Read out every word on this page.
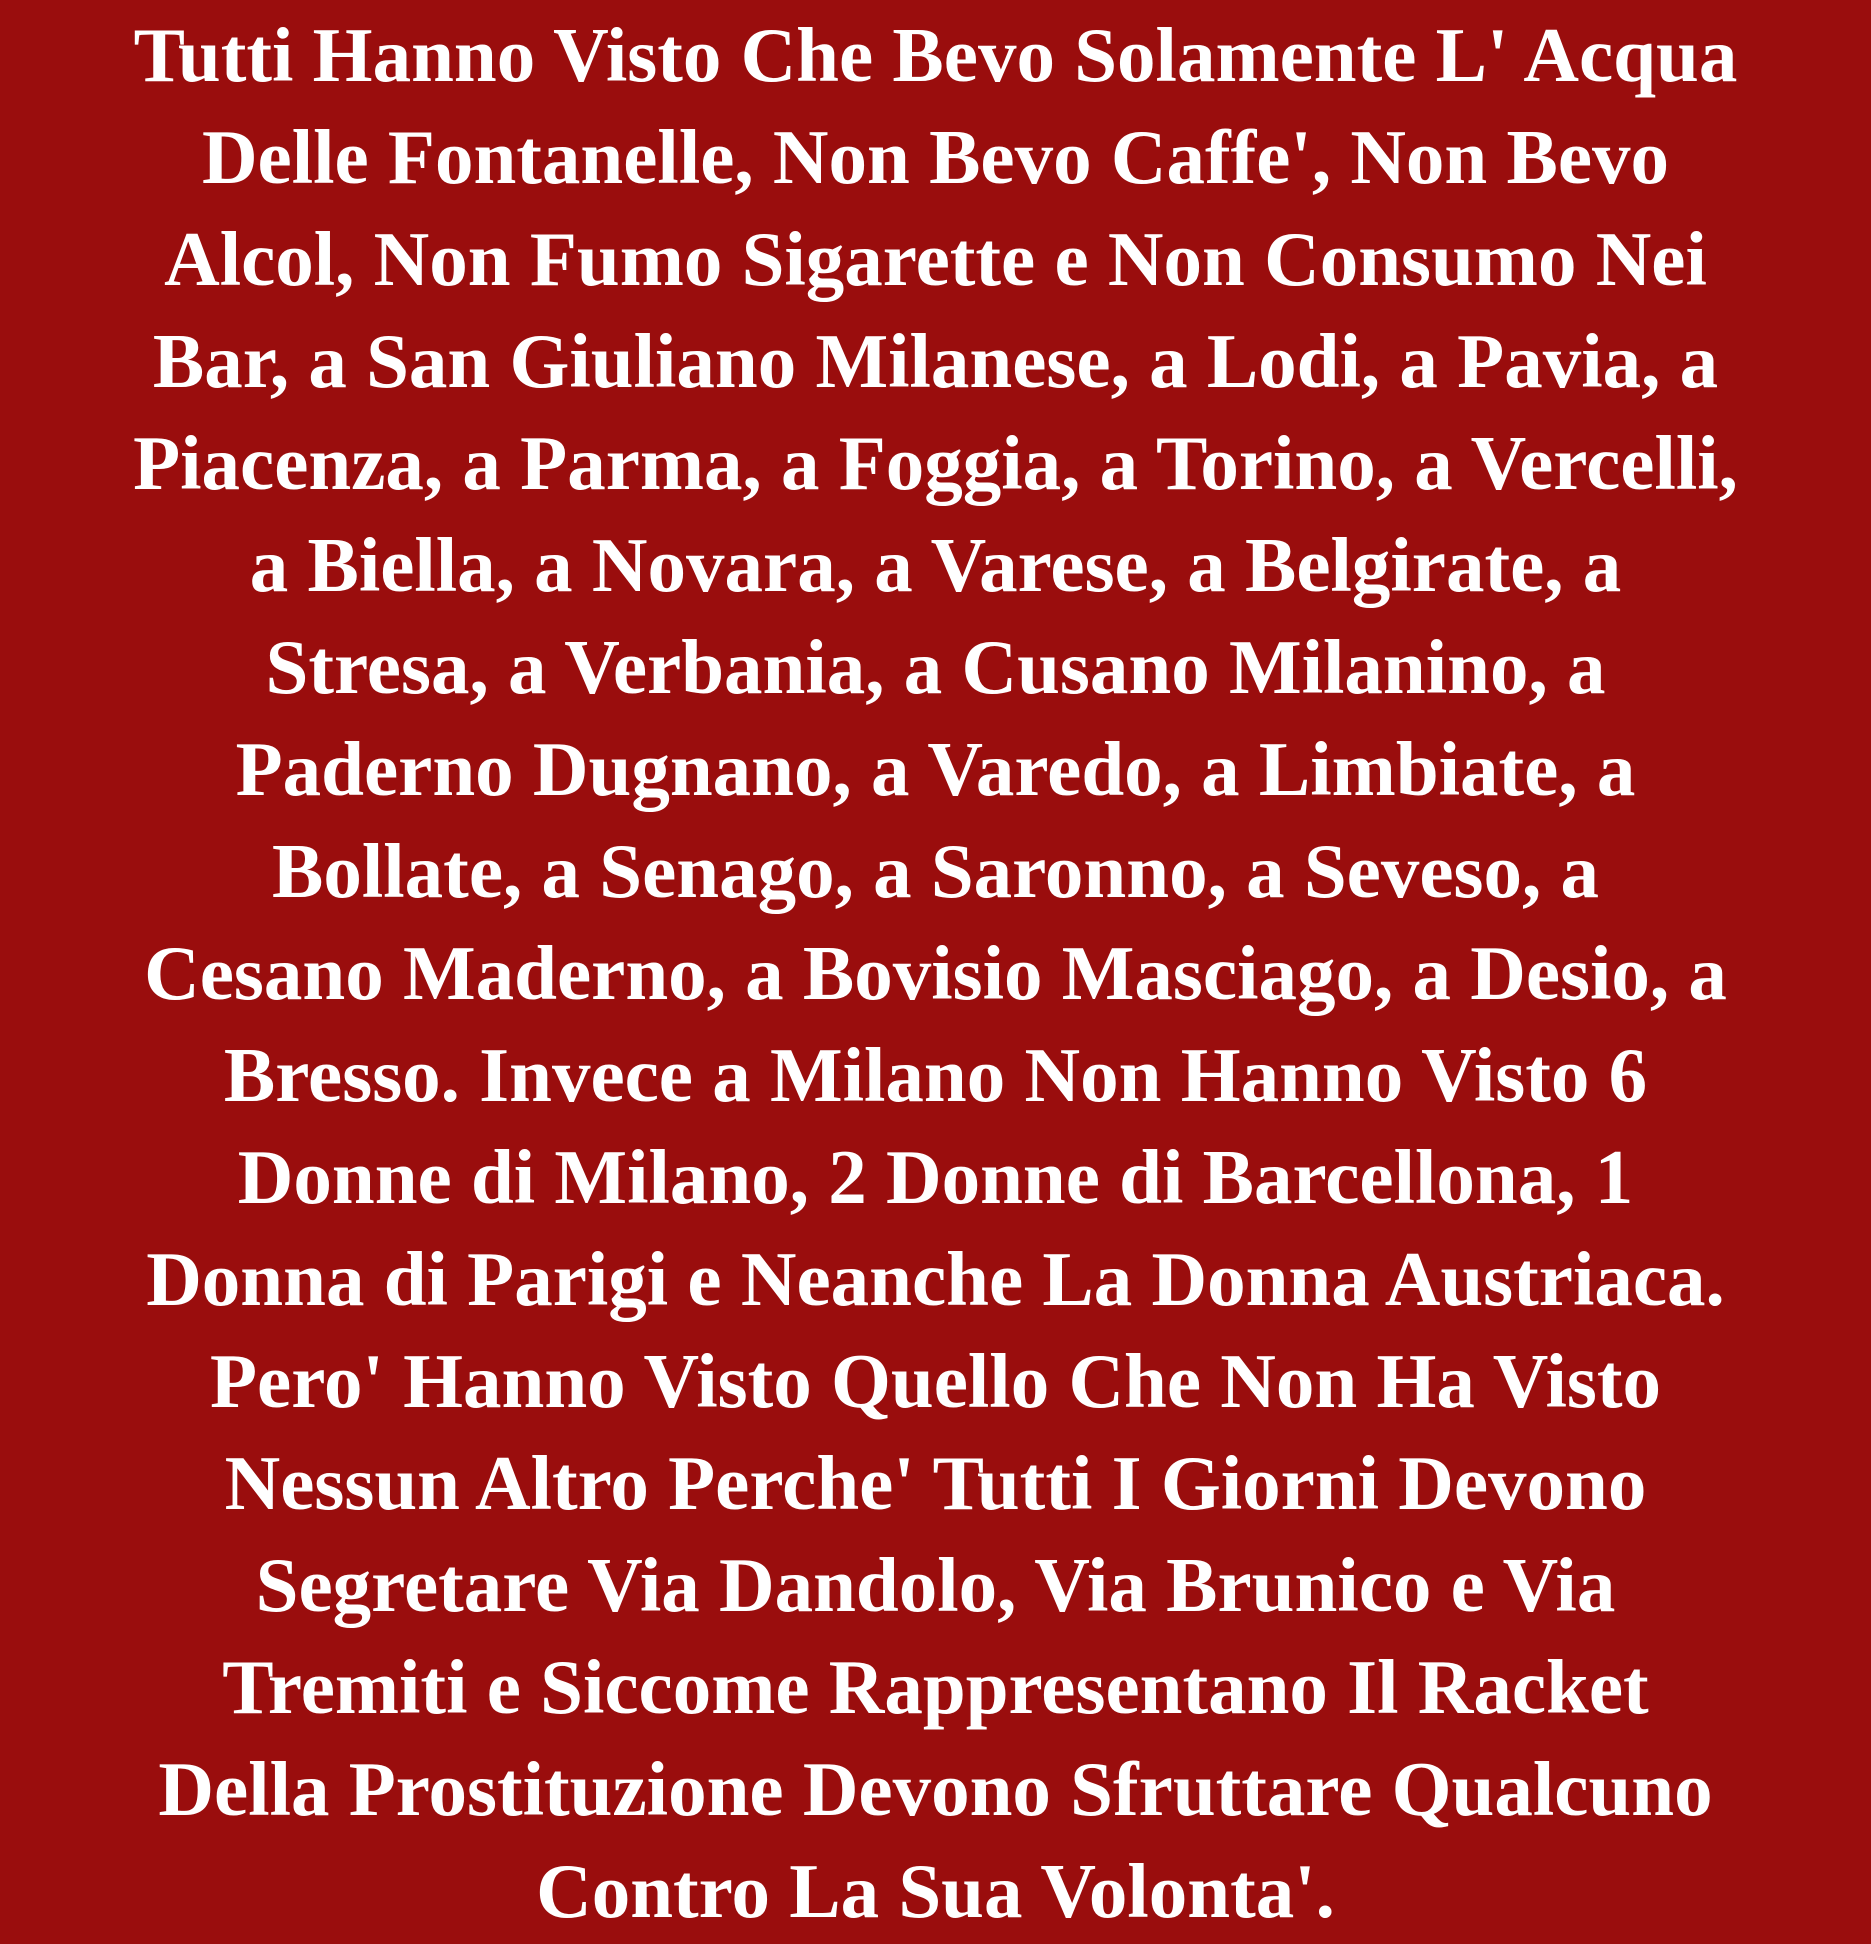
Tutti Hanno Visto Che Bevo Solamente L' Acqua
Delle Fontanelle, Non Bevo Caffe', Non Bevo
Alcol, Non Fumo Sigarette e Non Consumo Nei
Bar, a San Giuliano Milanese, a Lodi, a Pavia, a
Piacenza, a Parma, a Foggia, a Torino, a Vercelli,
a Biella, a Novara, a Varese, a Belgirate, a
Stresa, a Verbania, a Cusano Milanino, a
Paderno Dugnano, a Varedo, a Limbiate, a
Bollate, a Senago, a Saronno, a Seveso, a
Cesano Maderno, a Bovisio Masciago, a Desio, a
Bresso. Invece a Milano Non Hanno Visto 6
Donne di Milano, 2 Donne di Barcellona, 1
Donna di Parigi e Neanche La Donna Austriaca.
Pero' Hanno Visto Quello Che Non Ha Visto
Nessun Altro Perche' Tutti I Giorni Devono
Segretare Via Dandolo, Via Brunico e Via
Tremiti e Siccome Rappresentano Il Racket
Della Prostituzione Devono Sfruttare Qualcuno
Contro La Sua Volonta'.
